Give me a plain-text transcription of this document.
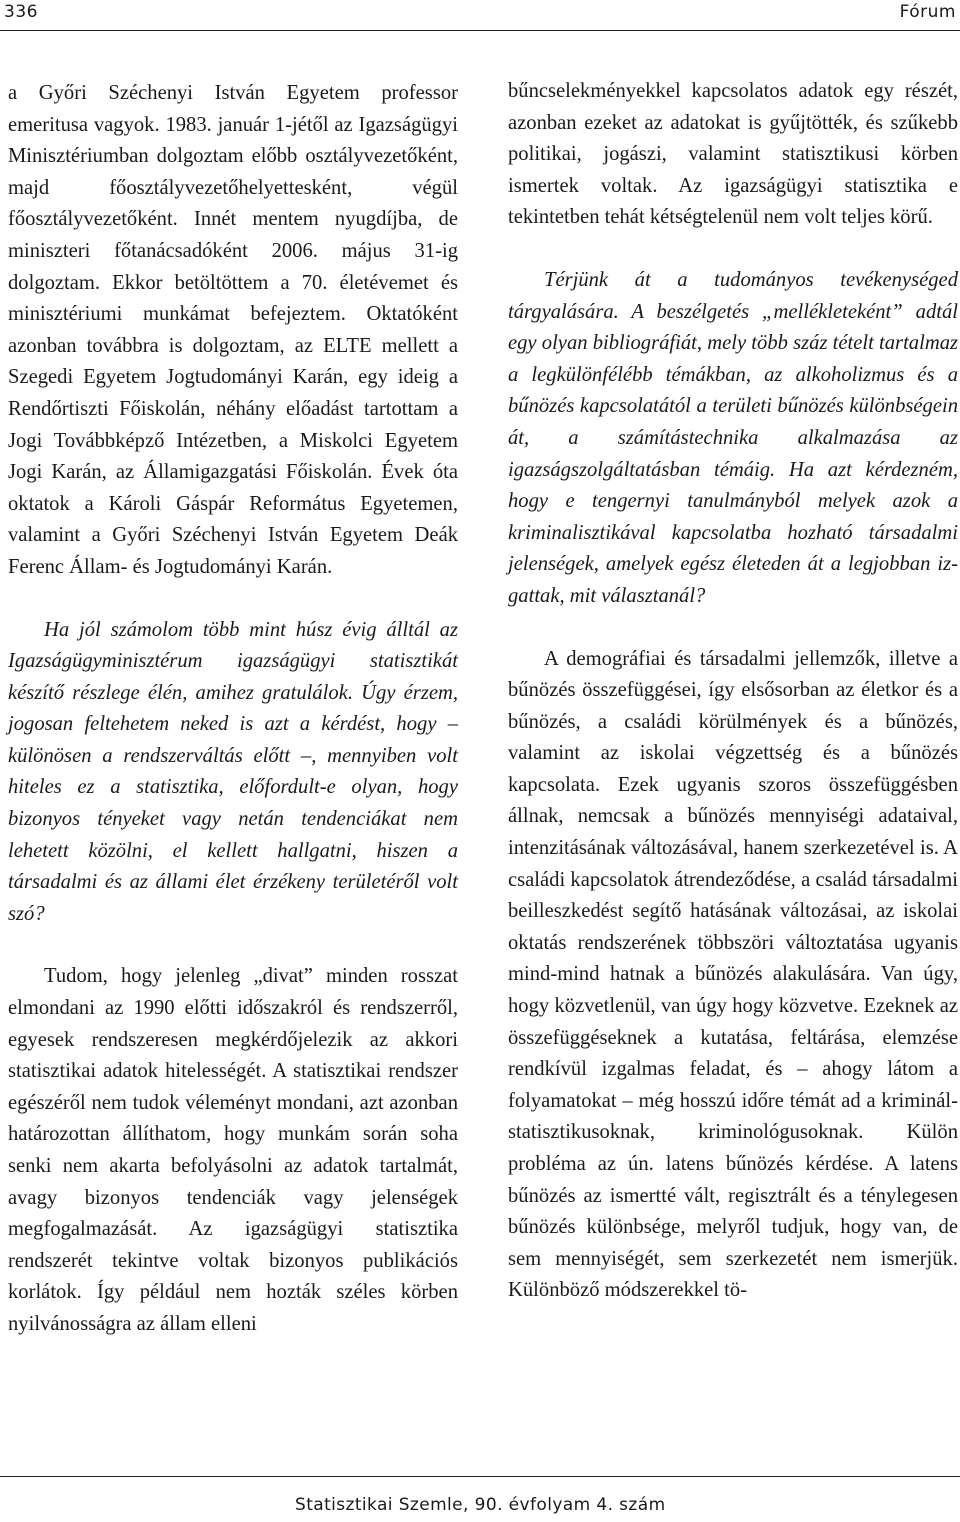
336	Fórum

a Győri Széchenyi István Egyetem professor emeritusa vagyok. 1983. január 1-jétől az Igazságügyi Minisztériumban dolgoztam előbb osztályvezetőként, majd főosztályvezetőhelyettesként, végül főosztályvezetőként. Innét mentem nyugdíjba, de miniszteri főtanácsadóként 2006. május 31-ig dolgoztam. Ekkor betöltöttem a 70. életévemet és minisztériumi munkámat befejeztem. Oktatóként azonban továbbra is dolgoztam, az ELTE mellett a Szegedi Egyetem Jogtudományi Karán, egy ideig a Rendőrtiszti Főiskolán, néhány előadást tartottam a Jogi Továbbképző Intézetben, a Miskolci Egyetem Jogi Karán, az Államigazgatási Főiskolán. Évek óta oktatok a Károli Gáspár Református Egyetemen, valamint a Győri Széchenyi István Egyetem Deák Ferenc Állam- és Jogtudományi Karán.

Ha jól számolom több mint húsz évig álltál az Igazságügyminisztérum igazságügyi statisztikát készítő részlege élén, amihez gratulálok. Úgy érzem, jogosan feltehetem neked is azt a kérdést, hogy – különösen a rendszerváltás előtt –, mennyiben volt hiteles ez a statisztika, előfordult-e olyan, hogy bizonyos tényeket vagy netán tendenciákat nem lehetett közölni, el kellett hallgatni, hiszen a társadalmi és az állami élet érzékeny területéről volt szó?

Tudom, hogy jelenleg „divat” minden rosszat elmondani az 1990 előtti időszakról és rendszerről, egyesek rendszeresen megkérdőjelezik az akkori statisztikai adatok hitelességét. A statisztikai rendszer egészéről nem tudok véleményt mondani, azt azonban határozottan állíthatom, hogy munkám során soha senki nem akarta befolyásolni az adatok tartalmát, avagy bizonyos tendenciák vagy jelenségek megfogalmazását. Az igazságügyi statisztika rendszerét tekintve voltak bizonyos publikációs korlátok. Így például nem hozták széles körben nyilvánosságra az állam elleni

bűncselekményekkel kapcsolatos adatok egy részét, azonban ezeket az adatokat is gyűjtötték, és szűkebb politikai, jogászi, valamint statisztikusi körben ismertek voltak. Az igazságügyi statisztika e tekintetben tehát kétségtelenül nem volt teljes körű.

Térjünk át a tudományos tevékenységed tárgyalására. A beszélgetés „mellékleteként” adtál egy olyan bibliográfiát, mely több száz tételt tartalmaz a legkülönfélébb témákban, az alkoholizmus és a bűnözés kapcsolatától a területi bűnözés különbségein át, a számítástechnika alkalmazása az igazságszolgáltatásban témáig. Ha azt kérdezném, hogy e tengernyi tanulmányból melyek azok a kriminalisztikával kapcsolatba hozható társadalmi jelenségek, amelyek egész életeden át a legjobban izgattak, mit választanál?

A demográfiai és társadalmi jellemzők, illetve a bűnözés összefüggései, így elsősorban az életkor és a bűnözés, a családi körülmények és a bűnözés, valamint az iskolai végzettség és a bűnözés kapcsolata. Ezek ugyanis szoros összefüggésben állnak, nemcsak a bűnözés mennyiségi adataival, intenzitásának változásával, hanem szerkezetével is. A családi kapcsolatok átrendeződése, a család társadalmi beilleszkedést segítő hatásának változásai, az iskolai oktatás rendszerének többszöri változtatása ugyanis mind-mind hatnak a bűnözés alakulására. Van úgy, hogy közvetlenül, van úgy hogy közvetve. Ezeknek az összefüggéseknek a kutatása, feltárása, elemzése rendkívül izgalmas feladat, és – ahogy látom a folyamatokat – még hosszú időre témát ad a kriminálstatisztikusoknak, kriminológusoknak. Külön probléma az ún. latens bűnözés kérdése. A latens bűnözés az ismertté vált, regisztrált és a ténylegesen bűnözés különbsége, melyről tudjuk, hogy van, de sem mennyiségét, sem szerkezetét nem ismerjük. Különböző módszerekkel tö-

Statisztikai Szemle, 90. évfolyam 4. szám
